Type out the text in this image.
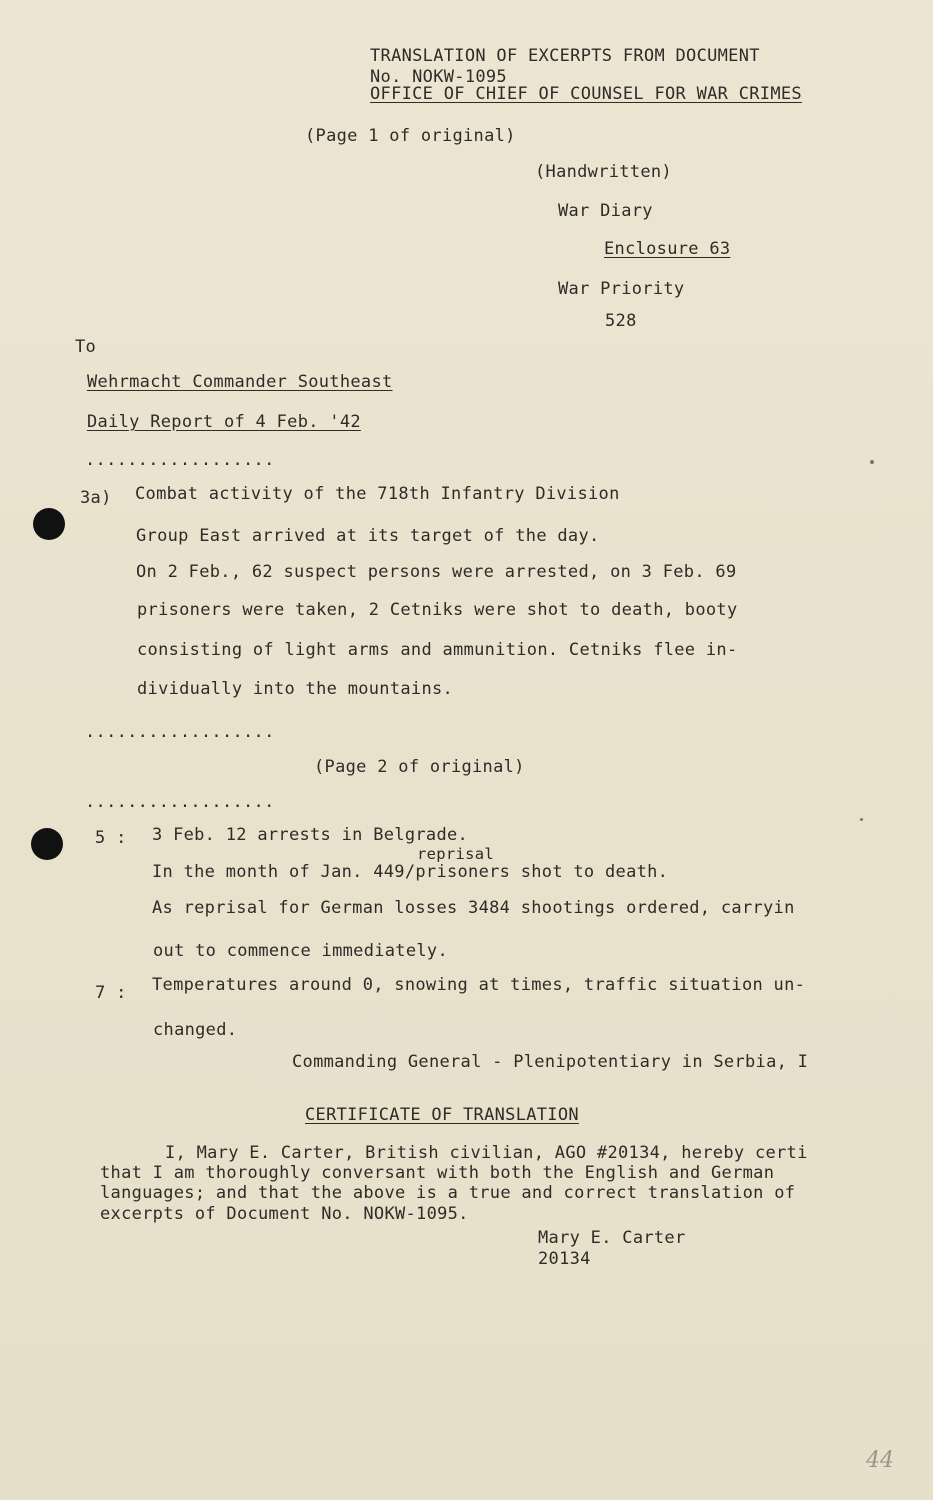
TRANSLATION OF EXCERPTS FROM DOCUMENT
No. NOKW-1095
OFFICE OF CHIEF OF COUNSEL FOR WAR CRIMES
(Page 1 of original)
(Handwritten)
War Diary
Enclosure 63
War Priority
528
To
Wehrmacht Commander Southeast
Daily Report of 4 Feb. '42
..................
3a) Combat activity of the 718th Infantry Division
Group East arrived at its target of the day.
On 2 Feb., 62 suspect persons were arrested, on 3 Feb. 69
prisoners were taken, 2 Cetniks were shot to death, booty
consisting of light arms and ammunition. Cetniks flee in-
dividually into the mountains.
..................
(Page 2 of original)
..................
5 : 3 Feb. 12 arrests in Belgrade.
reprisal
In the month of Jan. 449/prisoners shot to death.
As reprisal for German losses 3484 shootings ordered, carryin
out to commence immediately.
7 : Temperatures around 0, snowing at times, traffic situation un-
changed.
Commanding General - Plenipotentiary in Serbia, I
CERTIFICATE OF TRANSLATION
I, Mary E. Carter, British civilian, AGO #20134, hereby certi
that I am thoroughly conversant with both the English and German
languages; and that the above is a true and correct translation of
excerpts of Document No. NOKW-1095.
Mary E. Carter
20134
44
